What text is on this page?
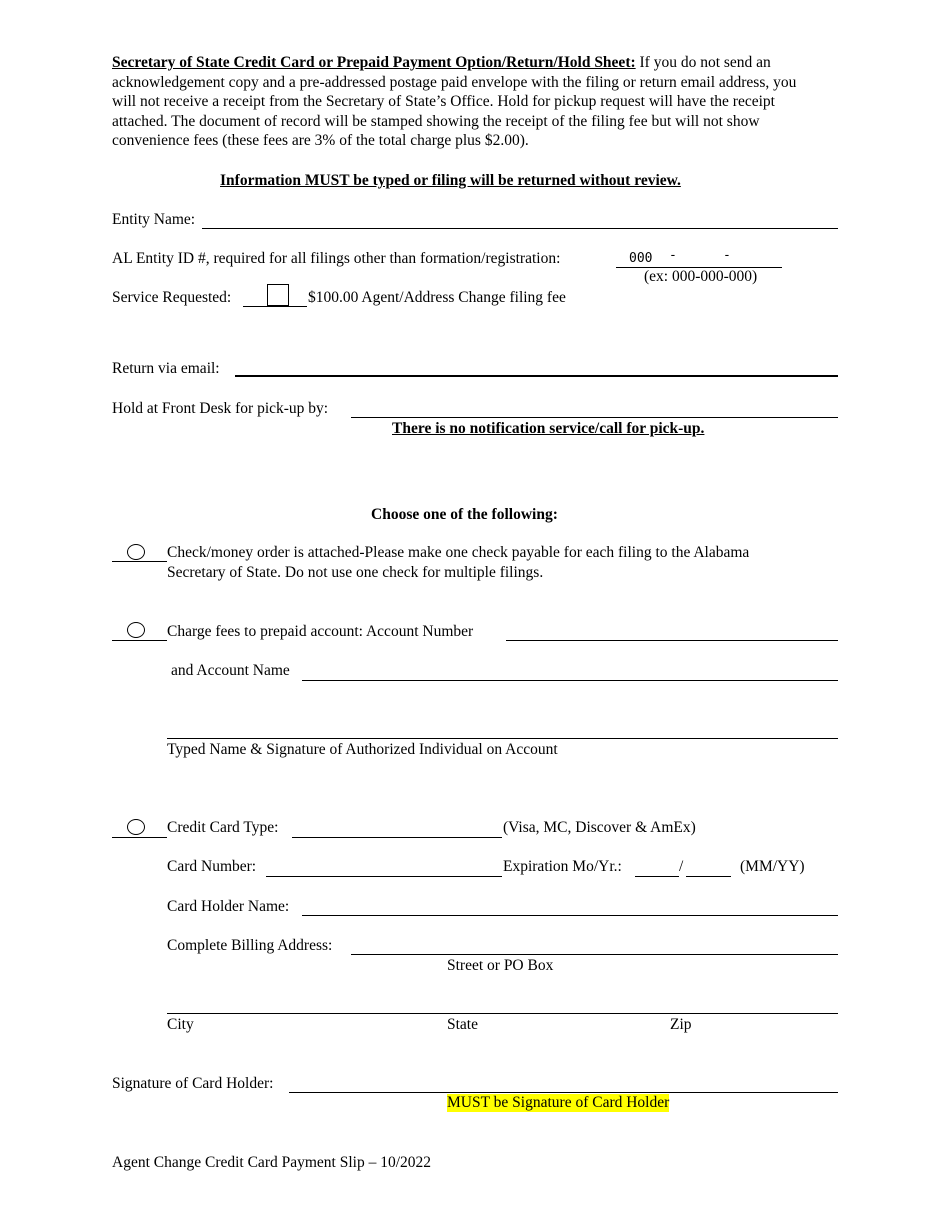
Secretary of State Credit Card or Prepaid Payment Option/Return/Hold Sheet: If you do not send an acknowledgement copy and a pre-addressed postage paid envelope with the filing or return email address, you will not receive a receipt from the Secretary of State’s Office. Hold for pickup request will have the receipt attached. The document of record will be stamped showing the receipt of the filing fee but will not show convenience fees (these fees are 3% of the total charge plus $2.00).
Information MUST be typed or filing will be returned without review.
Entity Name:
AL Entity ID #, required for all filings other than formation/registration:	000 -	-
(ex: 000-000-000)
Service Requested:	$100.00 Agent/Address Change filing fee
Return via email:
Hold at Front Desk for pick-up by:
There is no notification service/call for pick-up.
Choose one of the following:
Check/money order is attached-Please make one check payable for each filing to the Alabama
Secretary of State. Do not use one check for multiple filings.
Charge fees to prepaid account: Account Number
and Account Name
Typed Name & Signature of Authorized Individual on Account
Credit Card Type:	(Visa, MC, Discover & AmEx)
Card Number:	Expiration Mo/Yr.:	/	(MM/YY)
Card Holder Name:
Complete Billing Address:
Street or PO Box
City	State	Zip
Signature of Card Holder:
MUST be Signature of Card Holder
Agent Change Credit Card Payment Slip – 10/2022
